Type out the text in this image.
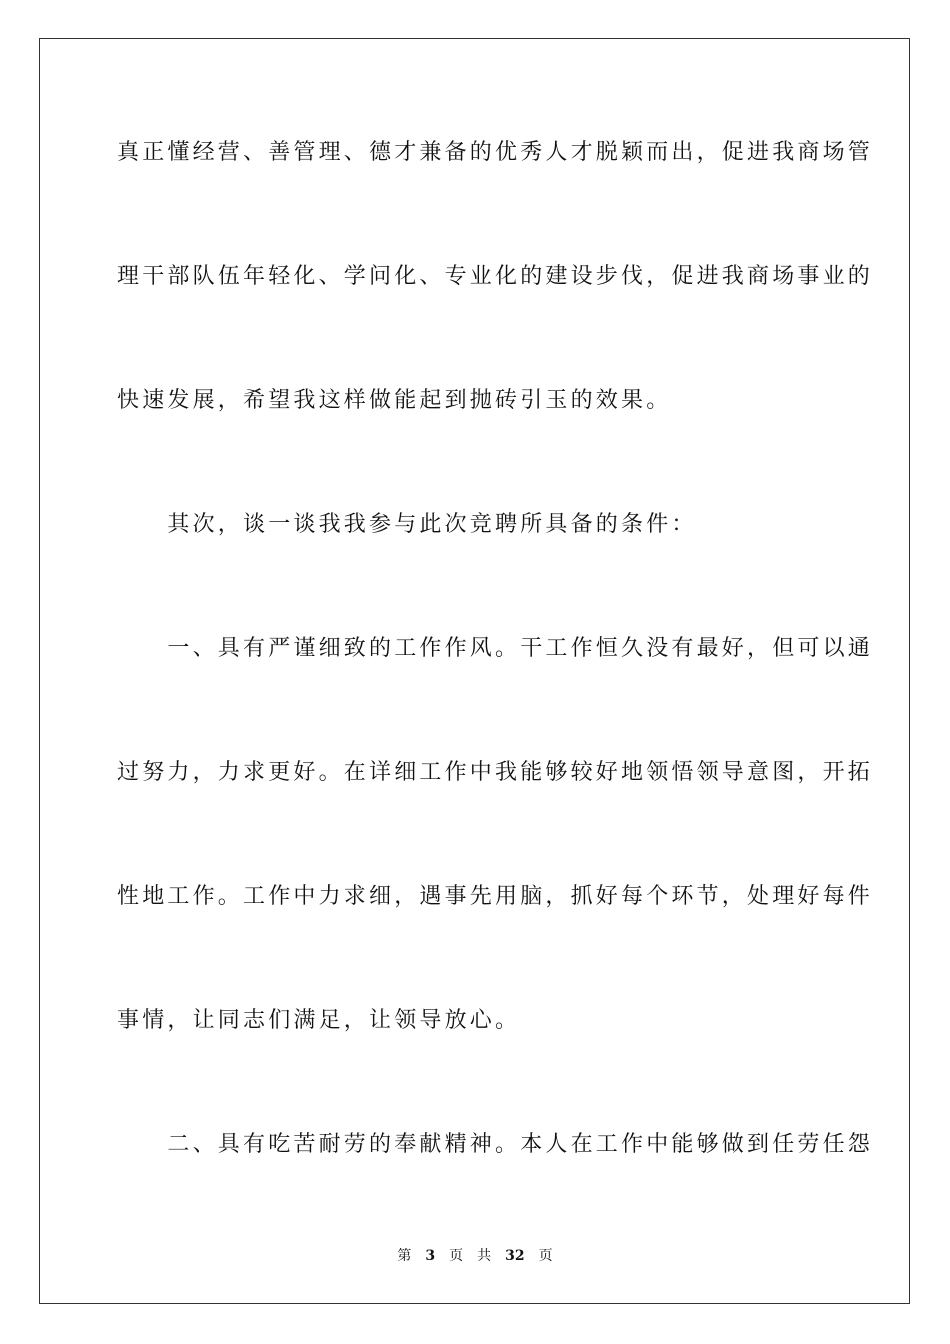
真正懂经营、善管理、德才兼备的优秀人才脱颖而出，促进我商场管
理干部队伍年轻化、学问化、专业化的建设步伐，促进我商场事业的
快速发展，希望我这样做能起到抛砖引玉的效果。
　　其次，谈一谈我我参与此次竞聘所具备的条件：
　　一、具有严谨细致的工作作风。干工作恒久没有最好，但可以通
过努力，力求更好。在详细工作中我能够较好地领悟领导意图，开拓
性地工作。工作中力求细，遇事先用脑，抓好每个环节，处理好每件
事情，让同志们满足，让领导放心。
　　二、具有吃苦耐劳的奉献精神。本人在工作中能够做到任劳任怨
第 3 页 共 32 页
